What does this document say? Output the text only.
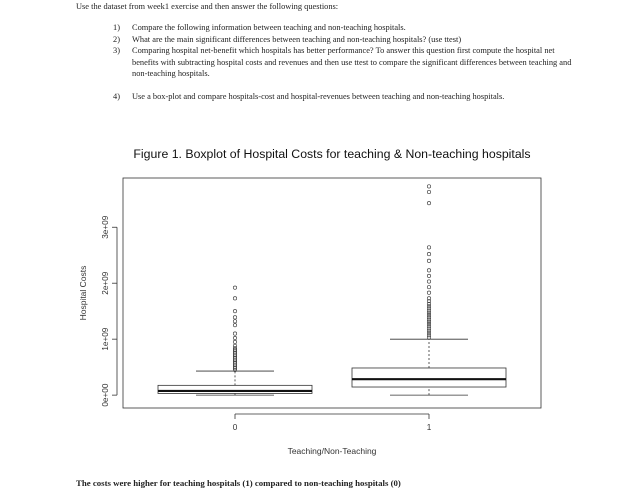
Use the dataset from week1 exercise and then answer the following questions:
1) Compare the following information between teaching and non-teaching hospitals.
2) What are the main significant differences between teaching and non-teaching hospitals? (use ttest)
3) Comparing hospital net-benefit which hospitals has better performance? To answer this question first compute the hospital net benefits with subtracting hospital costs and revenues and then use ttest to compare the significant differences between teaching and non-teaching hospitals.
4) Use a box-plot and compare hospitals-cost and hospital-revenues between teaching and non-teaching hospitals.
Figure 1. Boxplot of Hospital Costs for teaching & Non-teaching hospitals
0e+00
1e+09
2e+09
3e+09
0	1
Hospital Costs
Teaching/Non-Teaching
The costs were higher for teaching hospitals (1) compared to non-teaching hospitals (0)
